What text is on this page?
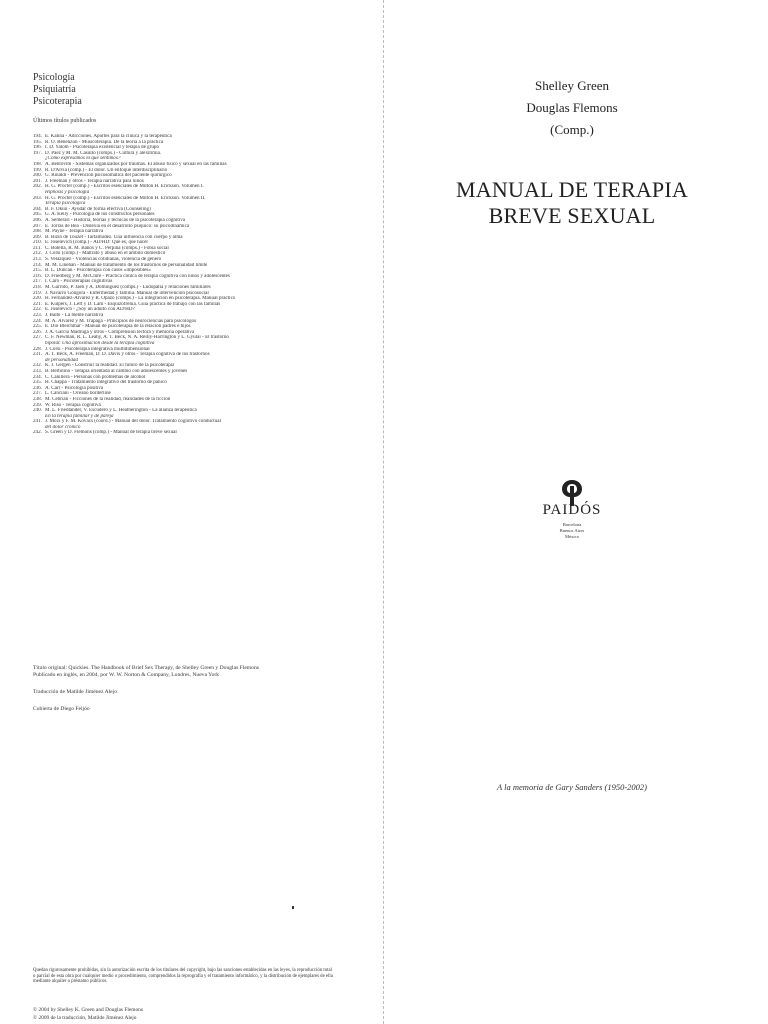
Psicología
Psiquiatría
Psicoterapia
Últimos títulos publicados
194. E. Kalina - Adicciones. Aportes para la clínica y la terapéutica
195. R. O. Benenzon - Musicoterapia. De la teoría a la práctica
196. I. D. Yalom - Psicoterapia existencial y terapia de grupo
197. D. Páez y M. M. Casullo (comps.) - Cultura y alexitimia.
¿Cómo expresamos lo que sentimos?
198. A. Bentovim - Sistemas organizados por traumas. El abuso físico y sexual en las familias
199. R. D'Alvia (comp.) - El dolor. Un enfoque interdisciplinario
200. G. Rinaldi - Prevención psicosomática del paciente quirúrgico
201. J. Freeman y otros - Terapia narrativa para niños
202. H. G. Procter (comp.) - Escritos esenciales de Milton H. Erickson. Volumen I.
Hipnosis y psicología
203. H. G. Procter (comp.) - Escritos esenciales de Milton H. Erickson. Volumen II.
Terapia psicológica
204. B. F. Okun - Ayudar de forma efectiva (Counseling)
205. G. A. Kelly - Psicología de los constructos personales
206. A. Semerari - Historia, teorías y técnicas de la psicoterapia cognitiva
207. E. Torras de Beà - Dislexia en el desarrollo psíquico: su psicodinámica
208. M. Payne - Terapia narrativa
209. B. Bizin de Touzet - Tartamudez. Una influencia con cuerpo y alma
210. E. Joselevich (comp.) - AD/HD: Qué es, qué hacer
211. C. Botella, R. M. Baños y C. Perpiñá (comps.) - Fobia social
212. J. Corsi (comp.) - Maltrato y abuso en el ámbito doméstico
213. S. Velázquez - Violencias cotidianas, violencia de género
214. M. M. Linehan - Manual de tratamiento de los trastornos de personalidad límite
215. B. L. Duncan - Psicoterapia con casos «imposibles»
216. D. Friedberg y M. McClure - Práctica clínica de terapia cognitiva con niños y adolescentes
217. I. Caro - Psicoterapias cognitivas
218. M. Garrido, P. Jaén y A. Domínguez (comps.) - Ludopatía y relaciones familiares
219. J. Navarro Góngora - Enfermedad y familia. Manual de intervención psicosocial
220. H. Fernández-Álvarez y R. Opazo (comps.) - La integración en psicoterapia. Manual práctico
221. E. Kuipers, J. Leff y D. Lam - Esquizofrenia. Guía práctica de trabajo con las familias
222. E. Joselevich - ¿Soy un adulto con AD/HD?
223. J. Balbi - La mente narrativa
224. M. A. Álvarez y M. Trapaga - Principios de neurociencias para psicólogos
225. E. Dio Bleichmar - Manual de psicoterapia de la relación padres e hijos
226. J. A. García Madruga y otros - Comprensión lectora y memoria operativa
227. C. F. Newman, R. L. Leahy, A. T. Beck, N. A. Reilly-Harrington y L. Gyulai - El trastorno
bipolar. Una aproximación desde la terapia cognitiva
228. J. Corsi - Psicoterapia integrativa multidimensional
231. A. T. Beck, A. Freeman, D. D. Davis y otros - Terapia cognitiva de los trastornos
de personalidad
232. K. J. Gergen - Construir la realidad. El futuro de la psicoterapia
233. B. Bertolino - Terapia orientada al cambio con adolescentes y jóvenes
234. C. Canillera - Personas con problemas de alcohol
235. H. Chappa - Tratamiento integrativo del trastorno de pánico
236. A. Carr - Psicología positiva
237. L. Canciani - Océano borderline
238. M. Cebrián - Ficciones de la realidad, realidades de la ficción
239. W. Riso - Terapia cognitiva
240. M. L. Friedlander, V. Escudero y L. Heatherington - La alianza terapéutica
En la terapia familiar y de pareja
241. J. Moix y F. M. Kovacs (coord.) - Manual del dolor. Tratamiento cognitivo conductual
del dolor crónico
242. S. Green y D. Flemons (comp.) - Manual de terapia breve sexual
Título original: Quickies. The Handbook of Brief Sex Therapy, de Shelley Green y Douglas Flemons
Publicado en inglés, en 2004, por W. W. Norton & Company, Londres, Nueva York
Traducción de Matilde Jiménez Alejo
Cubierta de Diego Feijóo
Quedan rigurosamente prohibidas, sin la autorización escrita de los titulares del copyright, bajo las sanciones establecidas en las leyes, la reproducción total o parcial de esta obra por cualquier medio o procedimiento, comprendidos la reprografía y el tratamiento informático, y la distribución de ejemplares de ella mediante alquiler o préstamo públicos.
© 2004 by Shelley K. Green and Douglas Flemons
© 2009 de la traducción, Matilde Jiménez Alejo
Shelley Green
Douglas Flemons
(Comp.)
MANUAL DE TERAPIA
BREVE SEXUAL
PAIDÓS
Barcelona
Buenos Aires
México
A la memoria de Gary Sanders (1950-2002)
